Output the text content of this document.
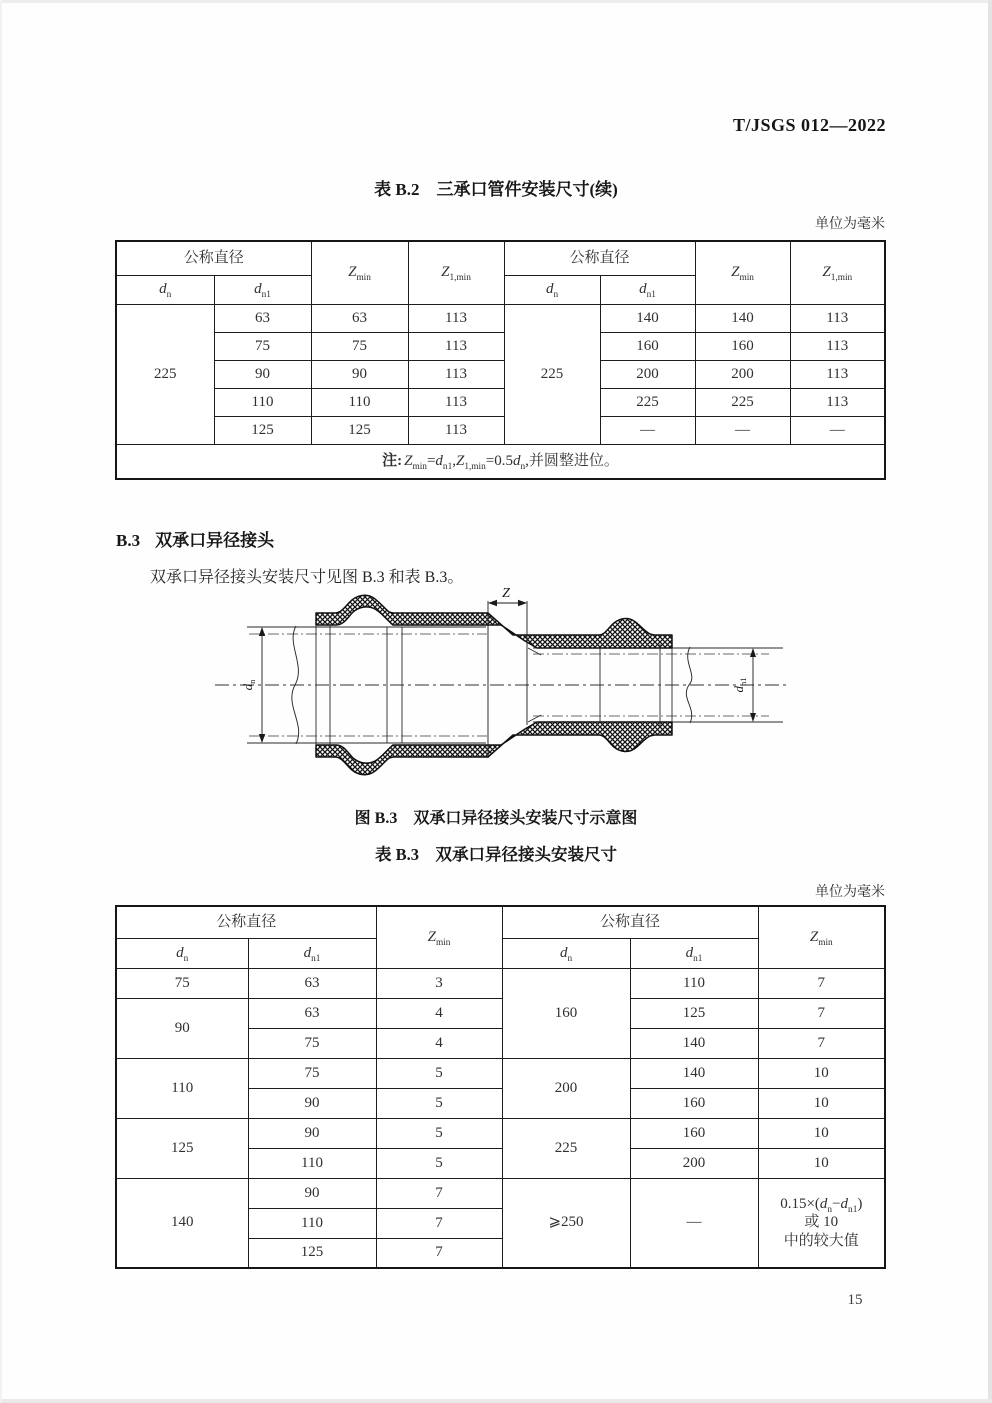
T/JSGS 012—2022
表 B.2　三承口管件安装尺寸(续)
单位为毫米
公称直径		$Z_{min}$	$Z_{1,min}$	公称直径		$Z_{min}$	$Z_{1,min}$
$d_n$	$d_{n1}$			$d_n$	$d_{n1}$
225	63	63	113	225	140	140	113
	75	75	113		160	160	113
	90	90	113		200	200	113
	110	110	113		225	225	113
	125	125	113		—	—	—
注: $Z_{min}=d_{n1},Z_{1,min}=0.5d_n$,并圆整进位。							
B.3 双承口异径接头
双承口异径接头安装尺寸见图 B.3 和表 B.3。
Z
$d_n$
$d_{n1}$
图 B.3　双承口异径接头安装尺寸示意图
表 B.3　双承口异径接头安装尺寸
单位为毫米
公称直径		$Z_{min}$	公称直径		$Z_{min}$
$d_n$	$d_{n1}$		$d_n$	$d_{n1}$
75	63	3	160	110	7
90	63	4		125	7
	75	4		140	7
110	75	5	200	140	10
	90	5		160	10
125	90	5	225	160	10
	110	5		200	10
140	90	7	⩾250	—	$0.15\times(d_n-d_{n1})$
或 10
中的较大值

	110	7			
	125	7			
15
